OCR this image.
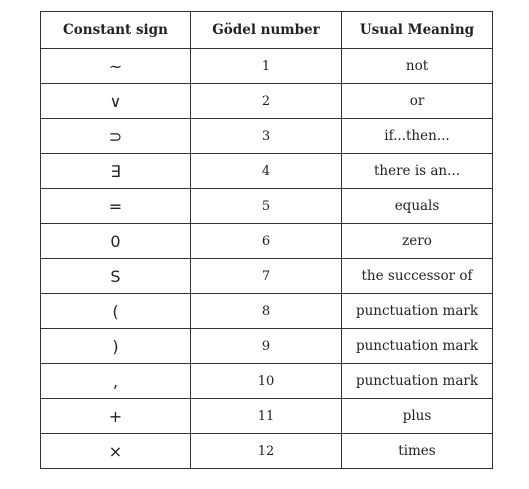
Constant sign	Gödel number	Usual Meaning
~	1	not
∨	2	or
⊃	3	if...then...
∃	4	there is an...
=	5	equals
0	6	zero
S	7	the successor of
(	8	punctuation mark
)	9	punctuation mark
,	10	punctuation mark
+	11	plus
×	12	times
